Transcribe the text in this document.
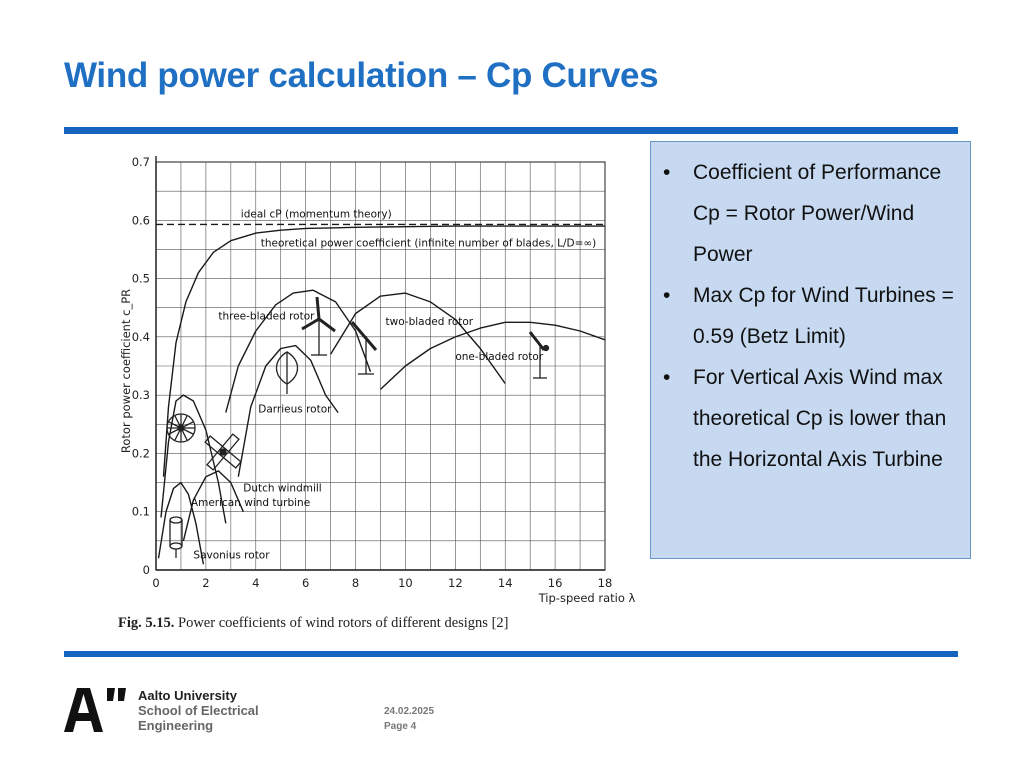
Wind power calculation – Cp Curves
0	2	4	6	8	10	12	14	16	18
0
0.1
0.2
0.3
0.4
0.5
0.6
0.7
ideal cP (momentum theory)
theoretical power coefficient (infinite number of blades, L/D=∞)
three-bladed rotor	two-bladed rotor
one-bladed rotor
Darrieus rotor
Dutch windmill
American wind turbine
Savonius rotor
Rotor power coefficient c_PR
Tip-speed ratio λ
Fig. 5.15. Power coefficients of wind rotors of different designs [2]
• Coefficient of Performance Cp = Rotor Power/Wind Power
• Max Cp for Wind Turbines = 0.59 (Betz Limit)
• For Vertical Axis Wind max theoretical Cp is lower than the Horizontal Axis Turbine
Aalto University
School of Electrical
Engineering
24.02.2025
Page 4
